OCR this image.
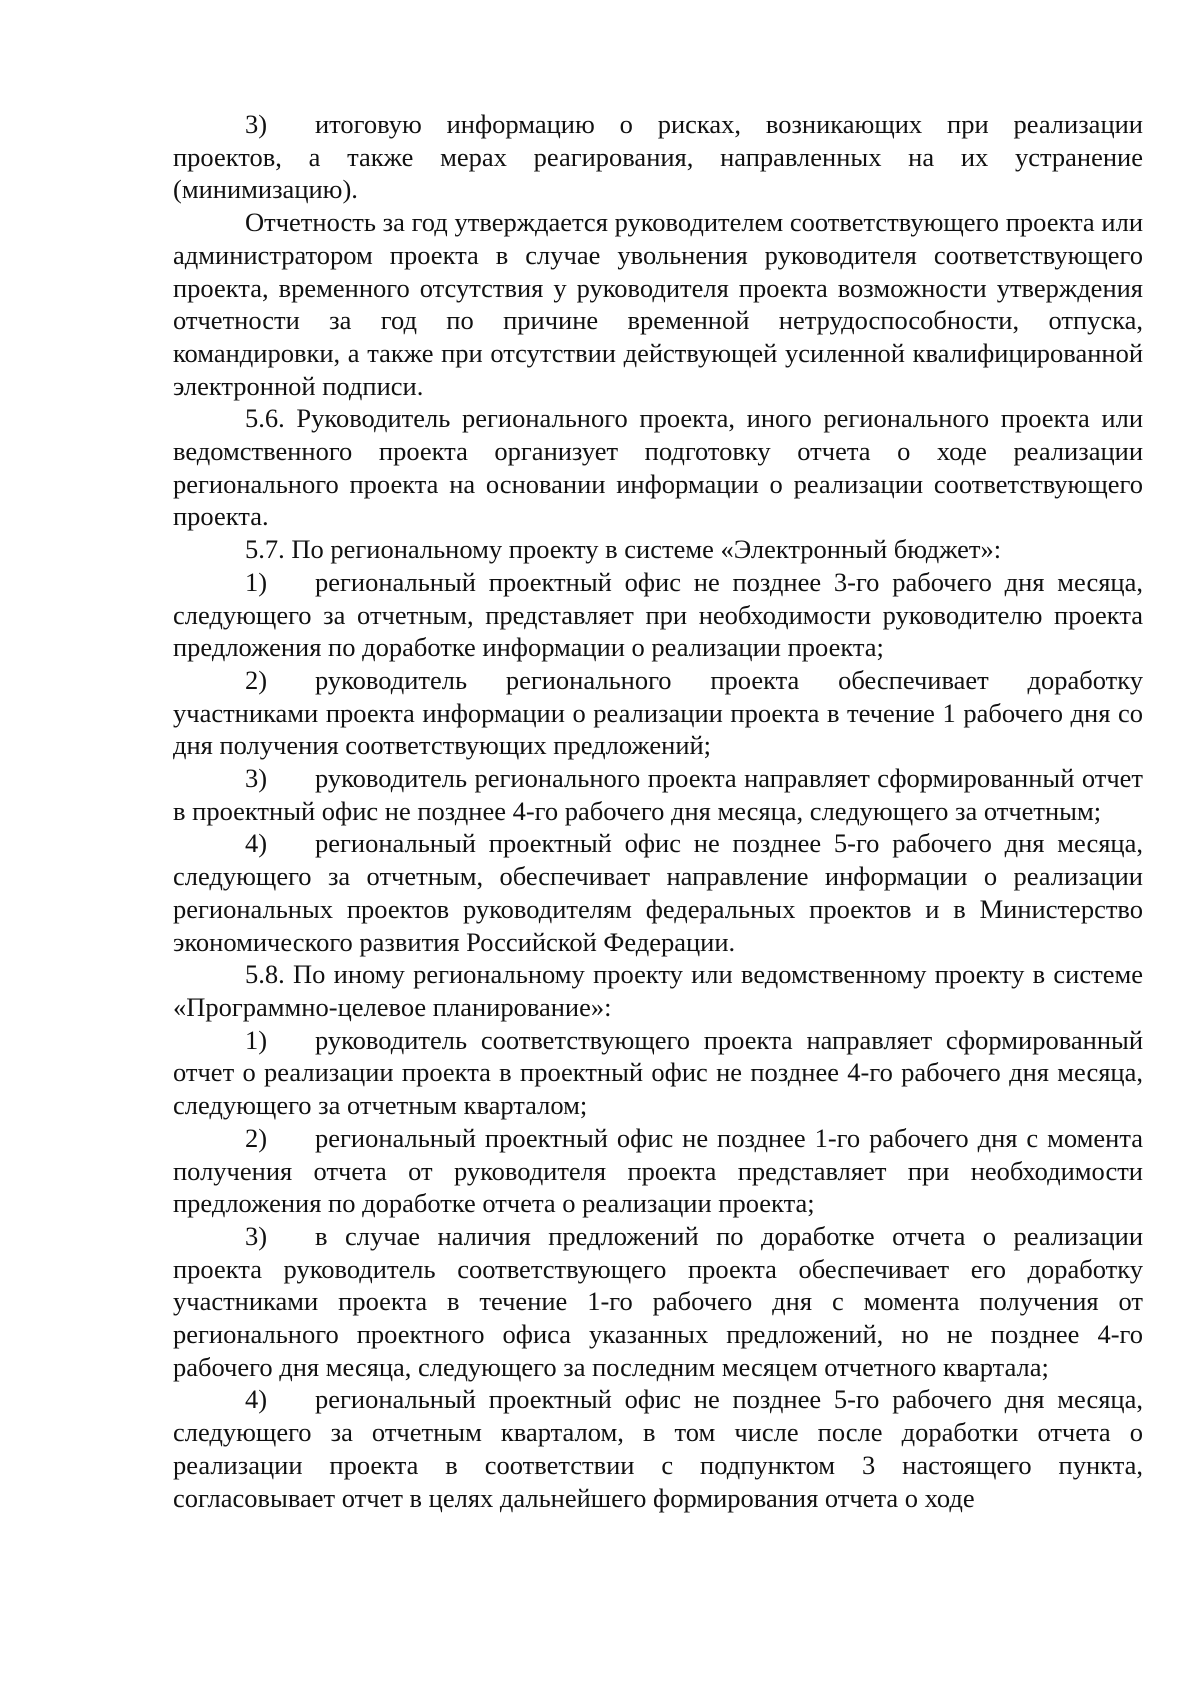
3) итоговую информацию о рисках, возникающих при реализации проектов, а также мерах реагирования, направленных на их устранение (минимизацию).

Отчетность за год утверждается руководителем соответствующего проекта или администратором проекта в случае увольнения руководителя соответствующего проекта, временного отсутствия у руководителя проекта возможности утверждения отчетности за год по причине временной нетрудоспособности, отпуска, командировки, а также при отсутствии действующей усиленной квалифицированной электронной подписи.

5.6. Руководитель регионального проекта, иного регионального проекта или ведомственного проекта организует подготовку отчета о ходе реализации регионального проекта на основании информации о реализации соответствующего проекта.

5.7. По региональному проекту в системе «Электронный бюджет»:

1) региональный проектный офис не позднее 3-го рабочего дня месяца, следующего за отчетным, представляет при необходимости руководителю проекта предложения по доработке информации о реализации проекта;

2) руководитель регионального проекта обеспечивает доработку участниками проекта информации о реализации проекта в течение 1 рабочего дня со дня получения соответствующих предложений;

3) руководитель регионального проекта направляет сформированный отчет в проектный офис не позднее 4-го рабочего дня месяца, следующего за отчетным;

4) региональный проектный офис не позднее 5-го рабочего дня месяца, следующего за отчетным, обеспечивает направление информации о реализации региональных проектов руководителям федеральных проектов и в Министерство экономического развития Российской Федерации.

5.8. По иному региональному проекту или ведомственному проекту в системе «Программно-целевое планирование»:

1) руководитель соответствующего проекта направляет сформированный отчет о реализации проекта в проектный офис не позднее 4-го рабочего дня месяца, следующего за отчетным кварталом;

2) региональный проектный офис не позднее 1-го рабочего дня с момента получения отчета от руководителя проекта представляет при необходимости предложения по доработке отчета о реализации проекта;

3) в случае наличия предложений по доработке отчета о реализации проекта руководитель соответствующего проекта обеспечивает его доработку участниками проекта в течение 1-го рабочего дня с момента получения от регионального проектного офиса указанных предложений, но не позднее 4-го рабочего дня месяца, следующего за последним месяцем отчетного квартала;

4) региональный проектный офис не позднее 5-го рабочего дня месяца, следующего за отчетным кварталом, в том числе после доработки отчета о реализации проекта в соответствии с подпунктом 3 настоящего пункта, согласовывает отчет в целях дальнейшего формирования отчета о ходе
